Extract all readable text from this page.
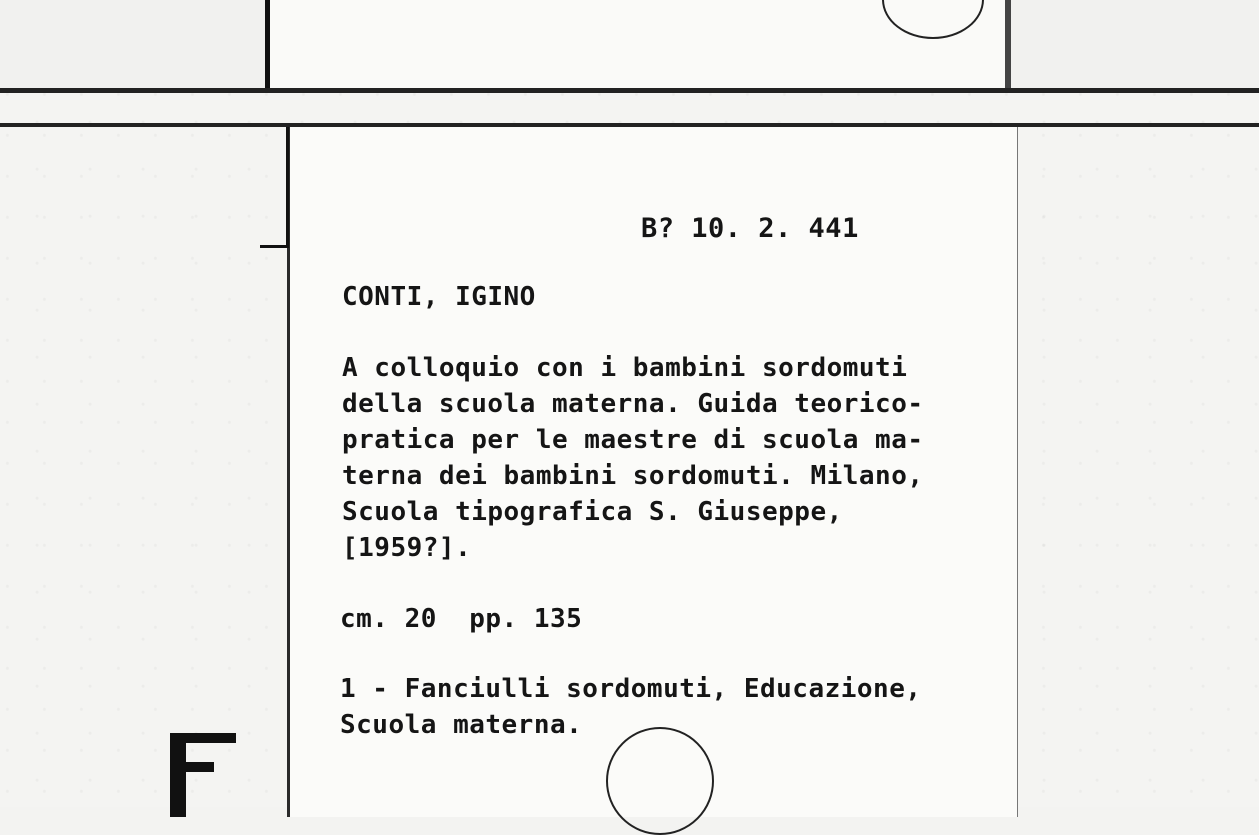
B? 10. 2. 441
CONTI, IGINO
A colloquio con i bambini sordomuti
della scuola materna. Guida teorico-
pratica per le maestre di scuola ma-
terna dei bambini sordomuti. Milano,
Scuola tipografica S. Giuseppe,
[1959?].
cm. 20  pp. 135
1 - Fanciulli sordomuti, Educazione,
Scuola materna.
